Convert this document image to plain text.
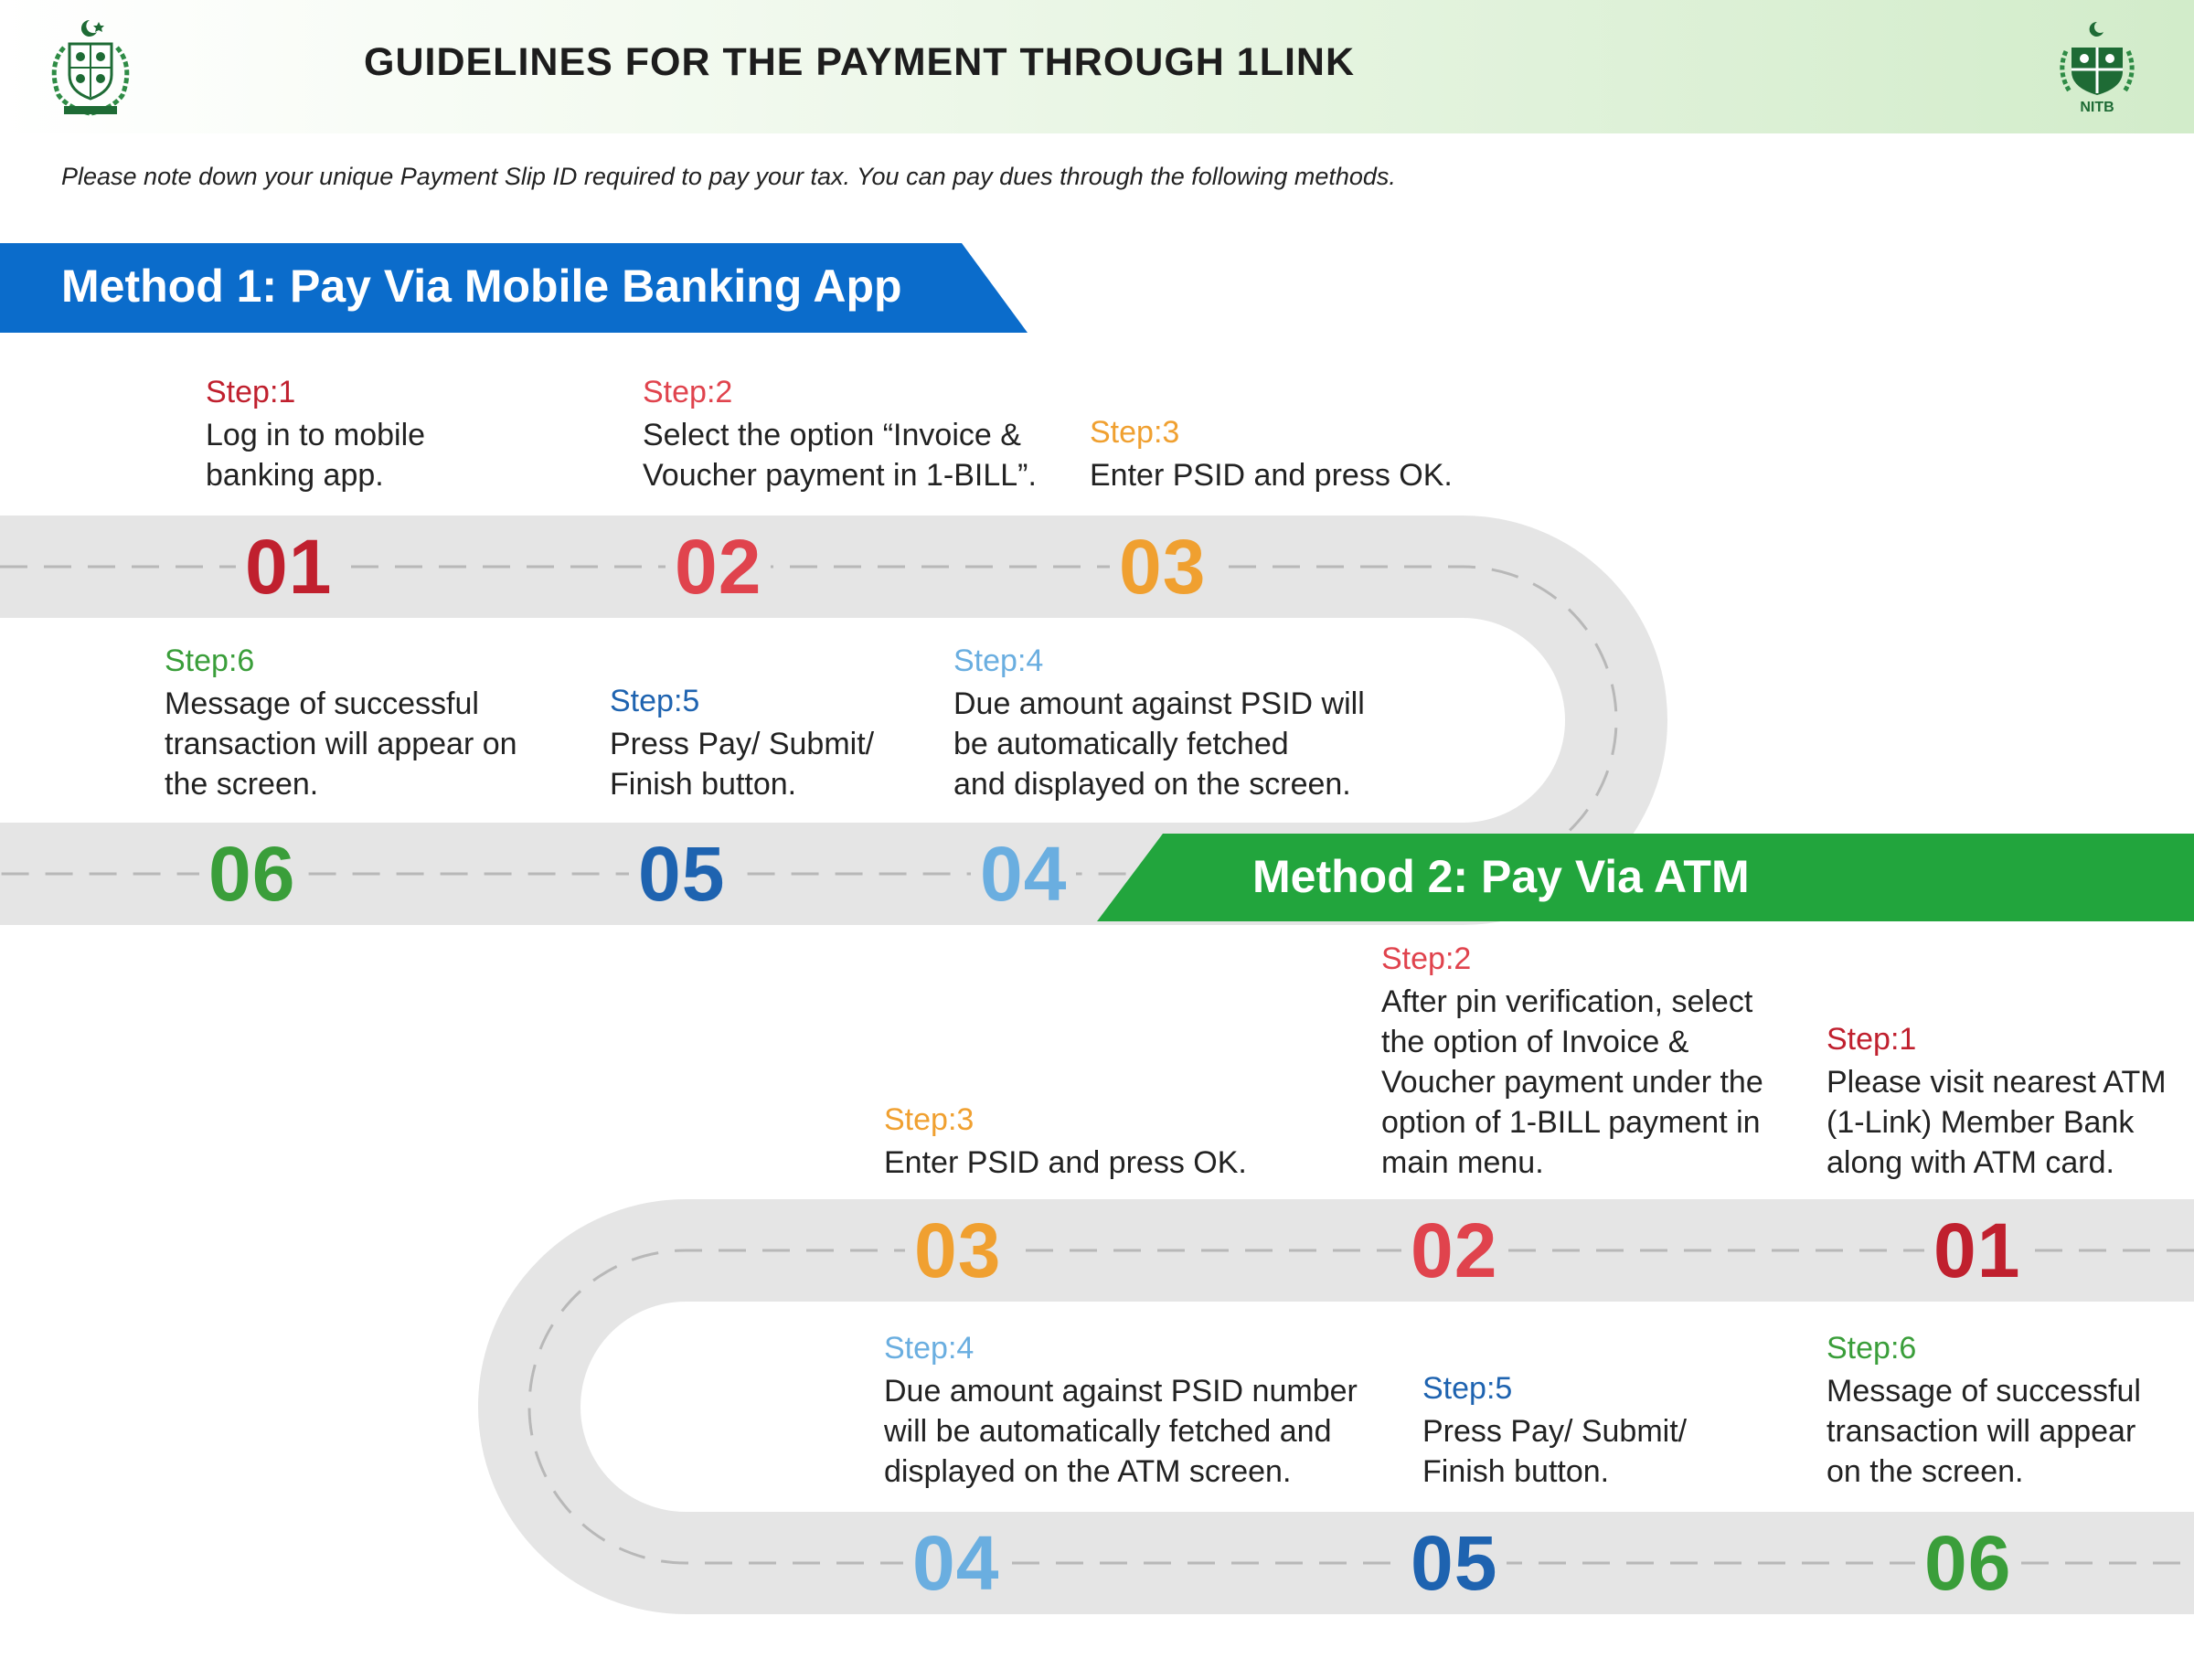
GUIDELINES FOR THE PAYMENT THROUGH 1LINK
NITB
Please note down your unique Payment Slip ID required to pay your tax. You can pay dues through the following methods.
Method 1: Pay Via Mobile Banking App
Method 2: Pay Via ATM
Step:1
Log in to mobile
banking app.
01
Step:2
Select the option “Invoice &
Voucher payment in 1-BILL”.
02
Step:3
Enter PSID and press OK.
03
Step:4
Due amount against PSID will
be automatically fetched
and displayed on the screen.
04
Step:5
Press Pay/ Submit/
Finish button.
05
Step:6
Message of successful
transaction will appear on
the screen.
06
Step:1
Please visit nearest ATM
(1-Link) Member Bank
along with ATM card.
01
Step:2
After pin verification, select
the option of Invoice &
Voucher payment under the
option of 1-BILL payment in
main menu.
02
Step:3
Enter PSID and press OK.
03
Step:4
Due amount against PSID number
will be automatically fetched and
displayed on the ATM screen.
04
Step:5
Press Pay/ Submit/
Finish button.
05
Step:6
Message of successful
transaction will appear
on the screen.
06
